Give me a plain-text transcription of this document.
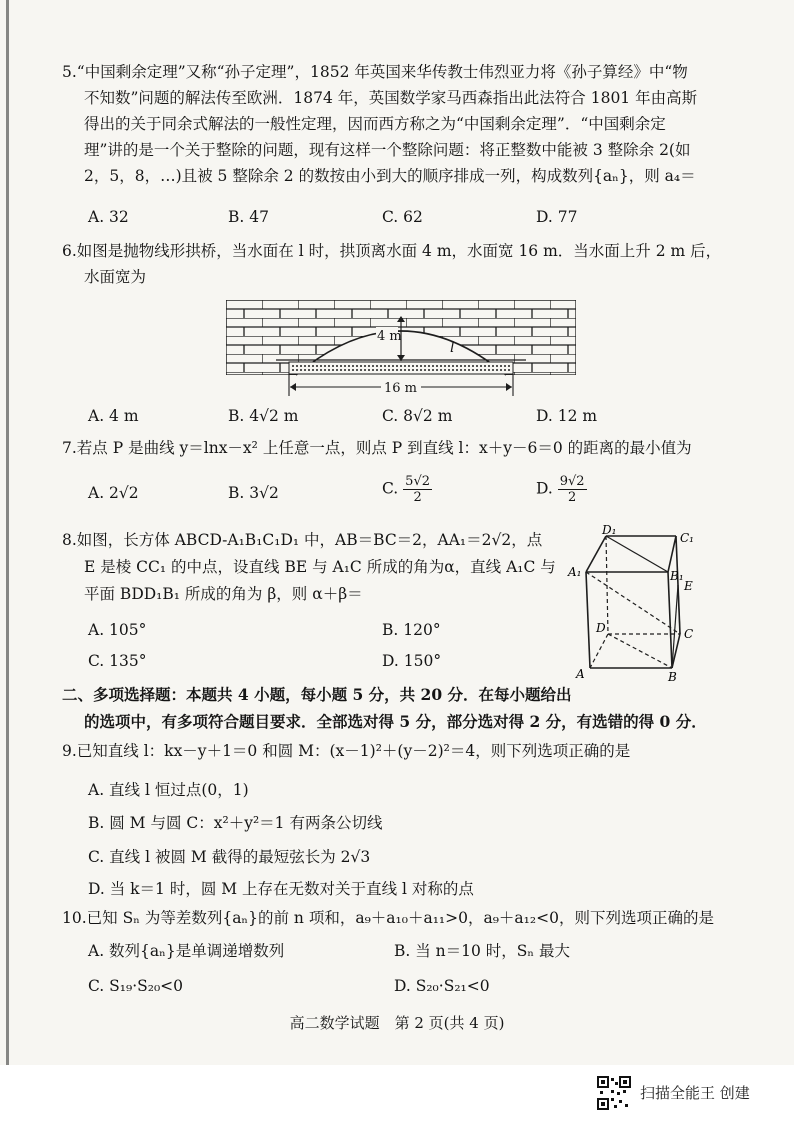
5.“中国剩余定理”又称“孙子定理”，1852 年英国来华传教士伟烈亚力将《孙子算经》中“物
不知数”问题的解法传至欧洲．1874 年，英国数学家马西森指出此法符合 1801 年由高斯
得出的关于同余式解法的一般性定理，因而西方称之为“中国剩余定理”．“中国剩余定
理”讲的是一个关于整除的问题，现有这样一个整除问题：将正整数中能被 3 整除余 2(如
2，5，8，…)且被 5 整除余 2 的数按由小到大的顺序排成一列，构成数列{aₙ}，则 a₄＝
A. 32	B. 47	C. 62	D. 77
6.如图是抛物线形拱桥，当水面在 l 时，拱顶离水面 4 m，水面宽 16 m．当水面上升 2 m 后，
水面宽为
4 m
l
16 m
A. 4 m	B. 4√2 m	C. 8√2 m	D. 12 m
7.若点 P 是曲线 y＝lnx－x² 上任意一点，则点 P 到直线 l：x＋y－6＝0 的距离的最小值为
A. 2√2	B. 3√2	C. $\frac{5√2}{2}$	D. $\frac{9√2}{2}$
8.如图，长方体 ABCD-A₁B₁C₁D₁ 中，AB＝BC＝2，AA₁＝2√2，点
E 是棱 CC₁ 的中点，设直线 BE 与 A₁C 所成的角为α，直线 A₁C 与
平面 BDD₁B₁ 所成的角为 β，则 α＋β＝
A. 105°	B. 120°
C. 135°	D. 150°
D₁
C₁
A₁	B₁
E
D	C
A	B
二、多项选择题：本题共 4 小题，每小题 5 分，共 20 分．在每小题给出
的选项中，有多项符合题目要求．全部选对得 5 分，部分选对得 2 分，有选错的得 0 分．
9.已知直线 l：kx－y＋1＝0 和圆 M：(x－1)²＋(y－2)²＝4，则下列选项正确的是
A. 直线 l 恒过点(0，1)
B. 圆 M 与圆 C：x²＋y²＝1 有两条公切线
C. 直线 l 被圆 M 截得的最短弦长为 2√3
D. 当 k＝1 时，圆 M 上存在无数对关于直线 l 对称的点
10.已知 Sₙ 为等差数列{aₙ}的前 n 项和，a₉＋a₁₀＋a₁₁>0，a₉＋a₁₂<0，则下列选项正确的是
A. 数列{aₙ}是单调递增数列	B. 当 n＝10 时，Sₙ 最大
C. S₁₉·S₂₀<0	D. S₂₀·S₂₁<0
高二数学试题　第 2 页(共 4 页)
扫描全能王 创建
